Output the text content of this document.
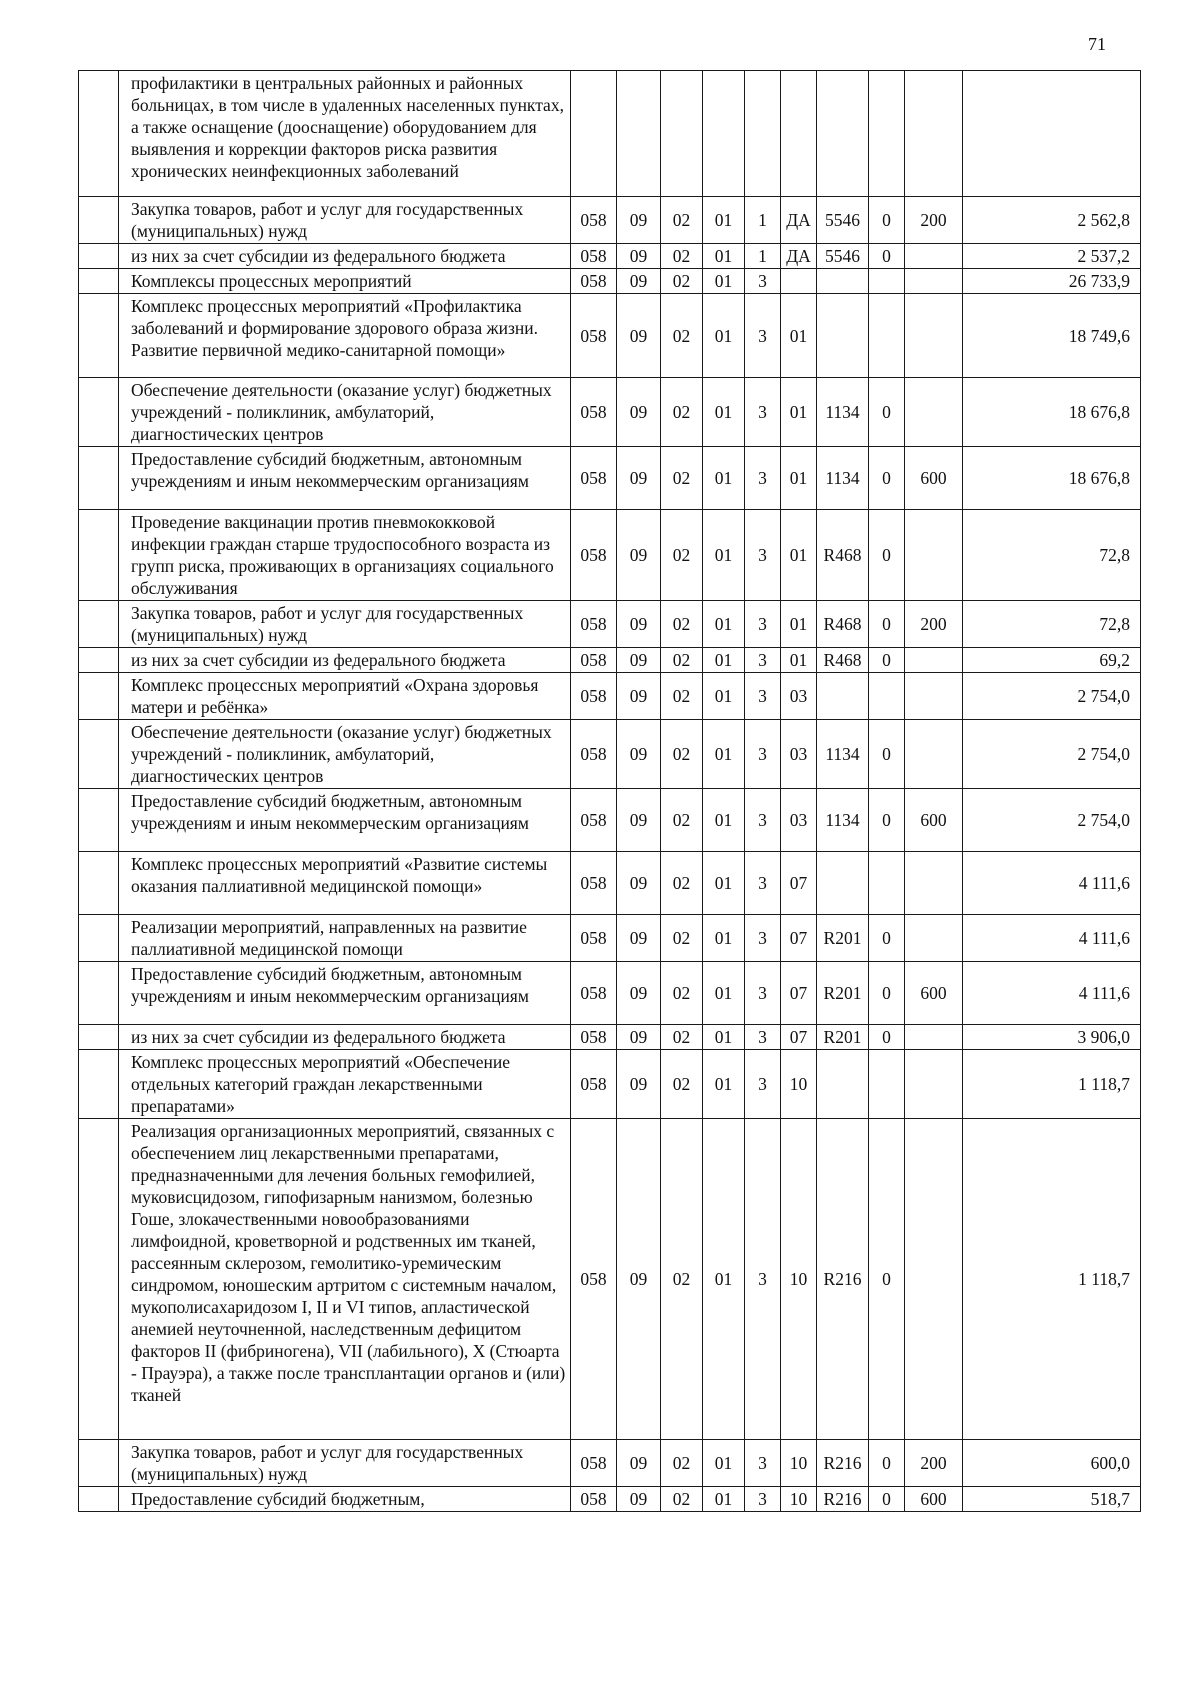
71
	профилактики в центральных районных и районных больницах, в том числе в удаленных населенных пунктах, а также оснащение (дооснащение) оборудованием для выявления и коррекции факторов риска развития хронических неинфекционных заболеваний										
	Закупка товаров, работ и услуг для государственных (муниципальных) нужд	058	09	02	01	1	ДА	5546	0	200	2 562,8
	из них за счет субсидии из федерального бюджета	058	09	02	01	1	ДА	5546	0		2 537,2
	Комплексы процессных мероприятий	058	09	02	01	3					26 733,9
	Комплекс процессных мероприятий «Профилактика заболеваний и формирование здорового образа жизни. Развитие первичной медико-санитарной помощи»	058	09	02	01	3	01				18 749,6
	Обеспечение деятельности (оказание услуг) бюджетных учреждений - поликлиник, амбулаторий, диагностических центров	058	09	02	01	3	01	1134	0		18 676,8
	Предоставление субсидий бюджетным, автономным учреждениям и иным некоммерческим организациям	058	09	02	01	3	01	1134	0	600	18 676,8
	Проведение вакцинации против пневмококковой инфекции граждан старше трудоспособного возраста из групп риска, проживающих в организациях социального обслуживания	058	09	02	01	3	01	R468	0		72,8
	Закупка товаров, работ и услуг для государственных (муниципальных) нужд	058	09	02	01	3	01	R468	0	200	72,8
	из них за счет субсидии из федерального бюджета	058	09	02	01	3	01	R468	0		69,2
	Комплекс процессных мероприятий «Охрана здоровья матери и ребёнка»	058	09	02	01	3	03				2 754,0
	Обеспечение деятельности (оказание услуг) бюджетных учреждений - поликлиник, амбулаторий, диагностических центров	058	09	02	01	3	03	1134	0		2 754,0
	Предоставление субсидий бюджетным, автономным учреждениям и иным некоммерческим организациям	058	09	02	01	3	03	1134	0	600	2 754,0
	Комплекс процессных мероприятий «Развитие системы оказания паллиативной медицинской помощи»	058	09	02	01	3	07				4 111,6
	Реализации мероприятий, направленных на развитие паллиативной медицинской помощи	058	09	02	01	3	07	R201	0		4 111,6
	Предоставление субсидий бюджетным, автономным учреждениям и иным некоммерческим организациям	058	09	02	01	3	07	R201	0	600	4 111,6
	из них за счет субсидии из федерального бюджета	058	09	02	01	3	07	R201	0		3 906,0
	Комплекс процессных мероприятий «Обеспечение отдельных категорий граждан лекарственными препаратами»	058	09	02	01	3	10				1 118,7
	Реализация организационных мероприятий, связанных с обеспечением лиц лекарственными препаратами, предназначенными для лечения больных гемофилией, муковисцидозом, гипофизарным нанизмом, болезнью Гоше, злокачественными новообразованиями лимфоидной, кроветворной и родственных им тканей, рассеянным склерозом, гемолитико-уремическим синдромом, юношеским артритом с системным началом, мукополисахаридозом I, II и VI типов, апластической анемией неуточненной, наследственным дефицитом факторов II (фибриногена), VII (лабильного), X (Стюарта - Прауэра), а также после трансплантации органов и (или) тканей	058	09	02	01	3	10	R216	0		1 118,7
	Закупка товаров, работ и услуг для государственных (муниципальных) нужд	058	09	02	01	3	10	R216	0	200	600,0
	Предоставление субсидий бюджетным,	058	09	02	01	3	10	R216	0	600	518,7
